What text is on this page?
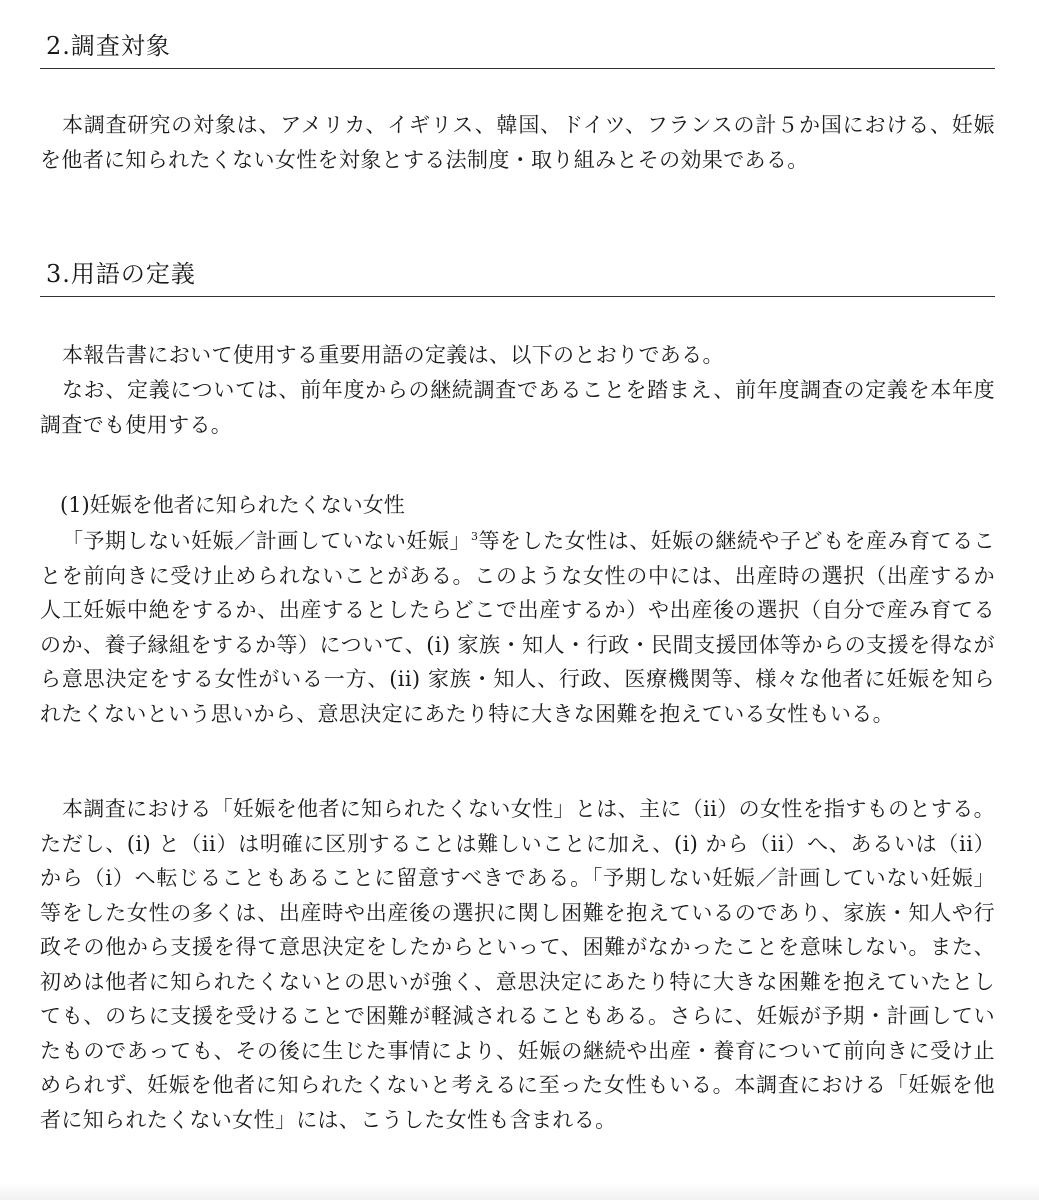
2.調査対象

本調査研究の対象は、アメリカ、イギリス、韓国、ドイツ、フランスの計５か国における、妊娠を他者に知られたくない女性を対象とする法制度・取り組みとその効果である。

3.用語の定義

本報告書において使用する重要用語の定義は、以下のとおりである。

なお、定義については、前年度からの継続調査であることを踏まえ、前年度調査の定義を本年度調査でも使用する。

(1)妊娠を他者に知られたくない女性

「予期しない妊娠／計画していない妊娠」$^3$等をした女性は、妊娠の継続や子どもを産み育てることを前向きに受け止められないことがある。このような女性の中には、出産時の選択（出産するか人工妊娠中絶をするか、出産するとしたらどこで出産するか）や出産後の選択（自分で産み育てるのか、養子縁組をするか等）について、(i) 家族・知人・行政・民間支援団体等からの支援を得ながら意思決定をする女性がいる一方、(ii) 家族・知人、行政、医療機関等、様々な他者に妊娠を知られたくないという思いから、意思決定にあたり特に大きな困難を抱えている女性もいる。

本調査における「妊娠を他者に知られたくない女性」とは、主に（ii）の女性を指すものとする。ただし、(i) と（ii）は明確に区別することは難しいことに加え、(i) から（ii）へ、あるいは（ii）から（i）へ転じることもあることに留意すべきである。「予期しない妊娠／計画していない妊娠」等をした女性の多くは、出産時や出産後の選択に関し困難を抱えているのであり、家族・知人や行政その他から支援を得て意思決定をしたからといって、困難がなかったことを意味しない。また、初めは他者に知られたくないとの思いが強く、意思決定にあたり特に大きな困難を抱えていたとしても、のちに支援を受けることで困難が軽減されることもある。さらに、妊娠が予期・計画していたものであっても、その後に生じた事情により、妊娠の継続や出産・養育について前向きに受け止められず、妊娠を他者に知られたくないと考えるに至った女性もいる。本調査における「妊娠を他者に知られたくない女性」には、こうした女性も含まれる。
